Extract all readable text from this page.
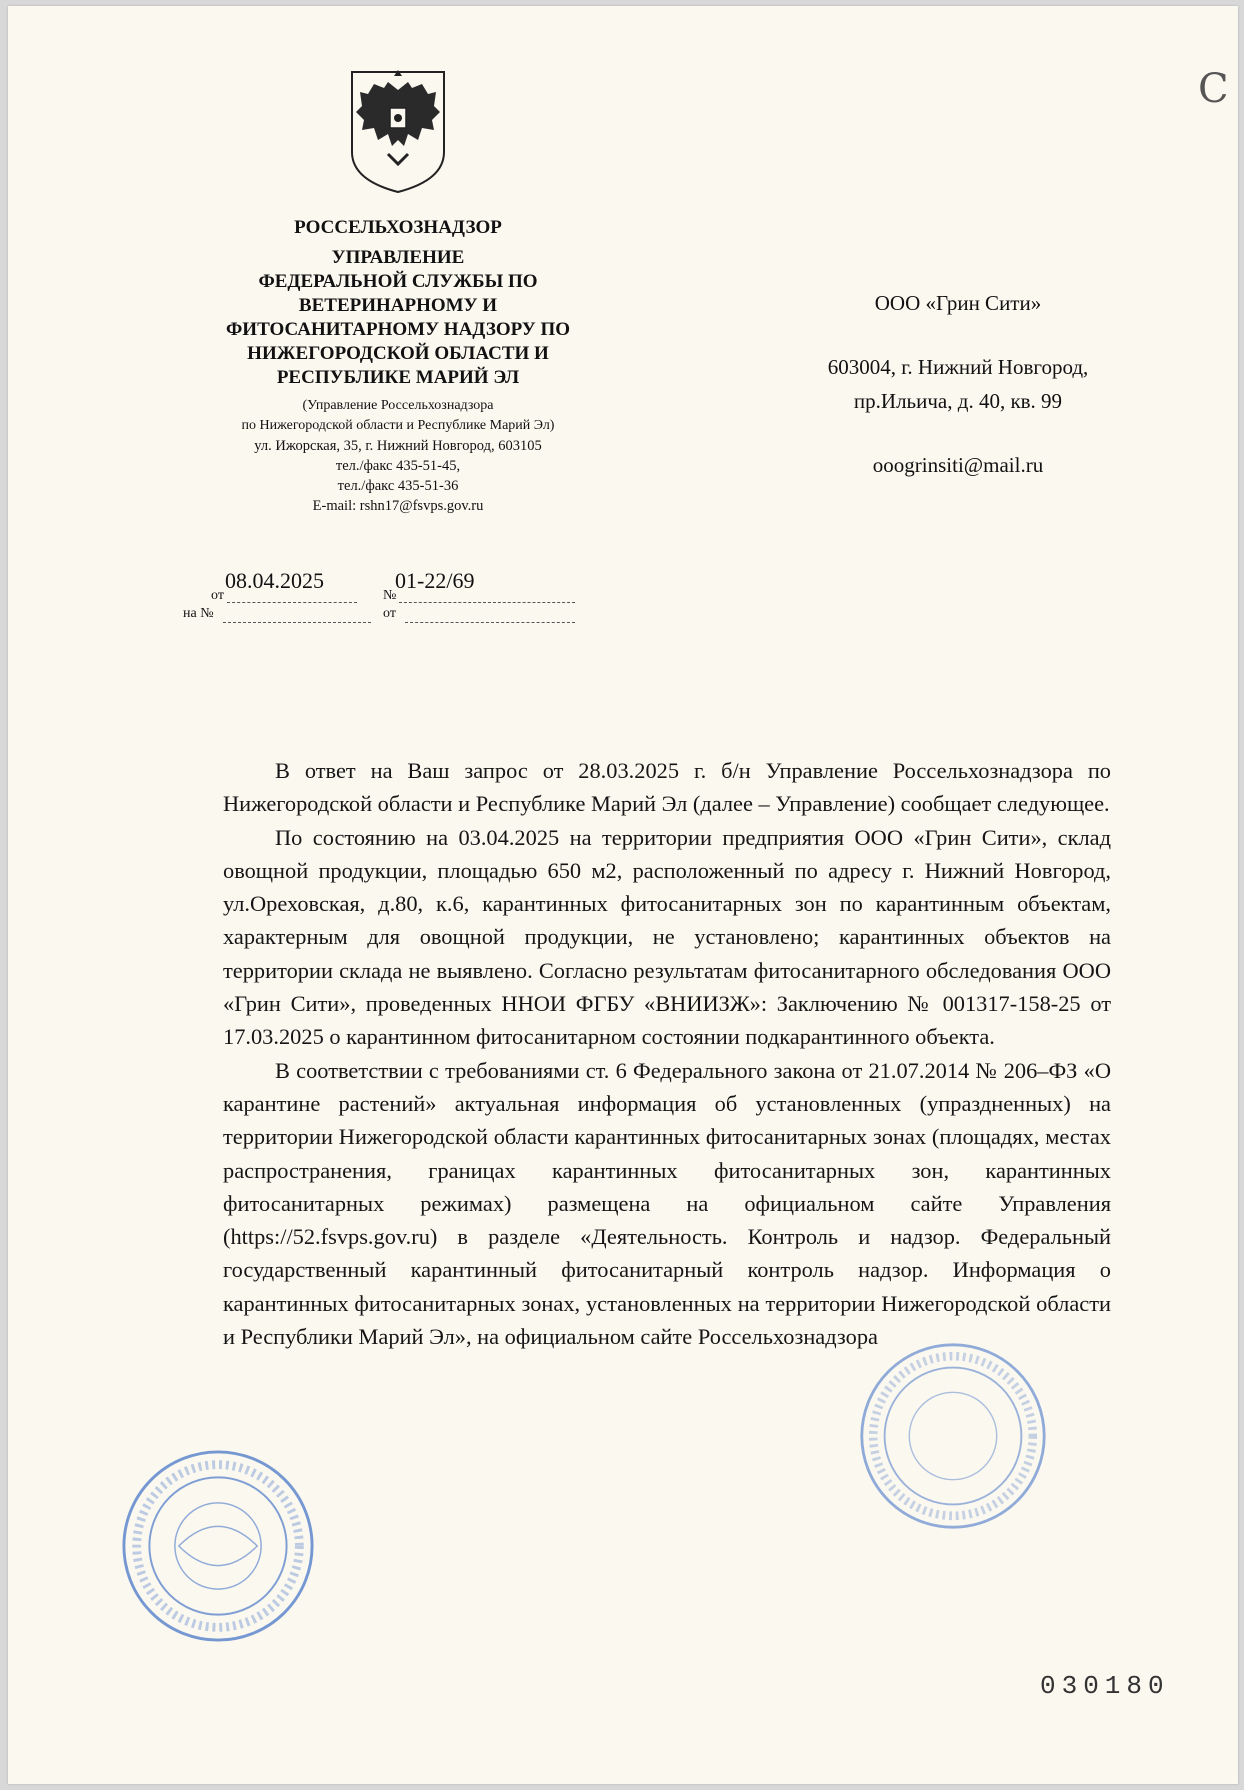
РОССЕЛЬХОЗНАДЗОР
УПРАВЛЕНИЕ
ФЕДЕРАЛЬНОЙ СЛУЖБЫ ПО
ВЕТЕРИНАРНОМУ И
ФИТОСАНИТАРНОМУ НАДЗОРУ ПО
НИЖЕГОРОДСКОЙ ОБЛАСТИ И
РЕСПУБЛИКЕ МАРИЙ ЭЛ
(Управление Россельхознадзора
по Нижегородской области и Республике Марий Эл)
ул. Ижорская, 35, г. Нижний Новгород, 603105
тел./факс 435-51-45,
тел./факс 435-51-36
E-mail: rshn17@fsvps.gov.ru
от
08.04.2025
№
01-22/69
на №	от
ООО «Грин Сити»
603004, г. Нижний Новгород,
пр.Ильича, д. 40, кв. 99
ooogrinsiti@mail.ru

В ответ на Ваш запрос от 28.03.2025 г. б/н Управление Россельхознадзора по Нижегородской области и Республике Марий Эл (далее – Управление) сообщает следующее.

По состоянию на 03.04.2025 на территории предприятия ООО «Грин Сити», склад овощной продукции, площадью 650 м2, расположенный по адресу г. Нижний Новгород, ул.Ореховская, д.80, к.6, карантинных фитосанитарных зон по карантинным объектам, характерным для овощной продукции, не установлено; карантинных объектов на территории склада не выявлено. Согласно результатам фитосанитарного обследования ООО «Грин Сити», проведенных ННОИ ФГБУ «ВНИИЗЖ»: Заключению № 001317-158-25 от 17.03.2025 о карантинном фитосанитарном состоянии подкарантинного объекта.

В соответствии с требованиями ст. 6 Федерального закона от 21.07.2014 № 206–ФЗ «О карантине растений» актуальная информация об установленных (упраздненных) на территории Нижегородской области карантинных фитосанитарных зонах (площадях, местах распространения, границах карантинных фитосанитарных зон, карантинных фитосанитарных режимах) размещена на официальном сайте Управления (https://52.fsvps.gov.ru) в разделе «Деятельность. Контроль и надзор. Федеральный государственный карантинный фитосанитарный контроль надзор. Информация о карантинных фитосанитарных зонах, установленных на территории Нижегородской области и Республики Марий Эл», на официальном сайте Россельхознадзора

030180
C
